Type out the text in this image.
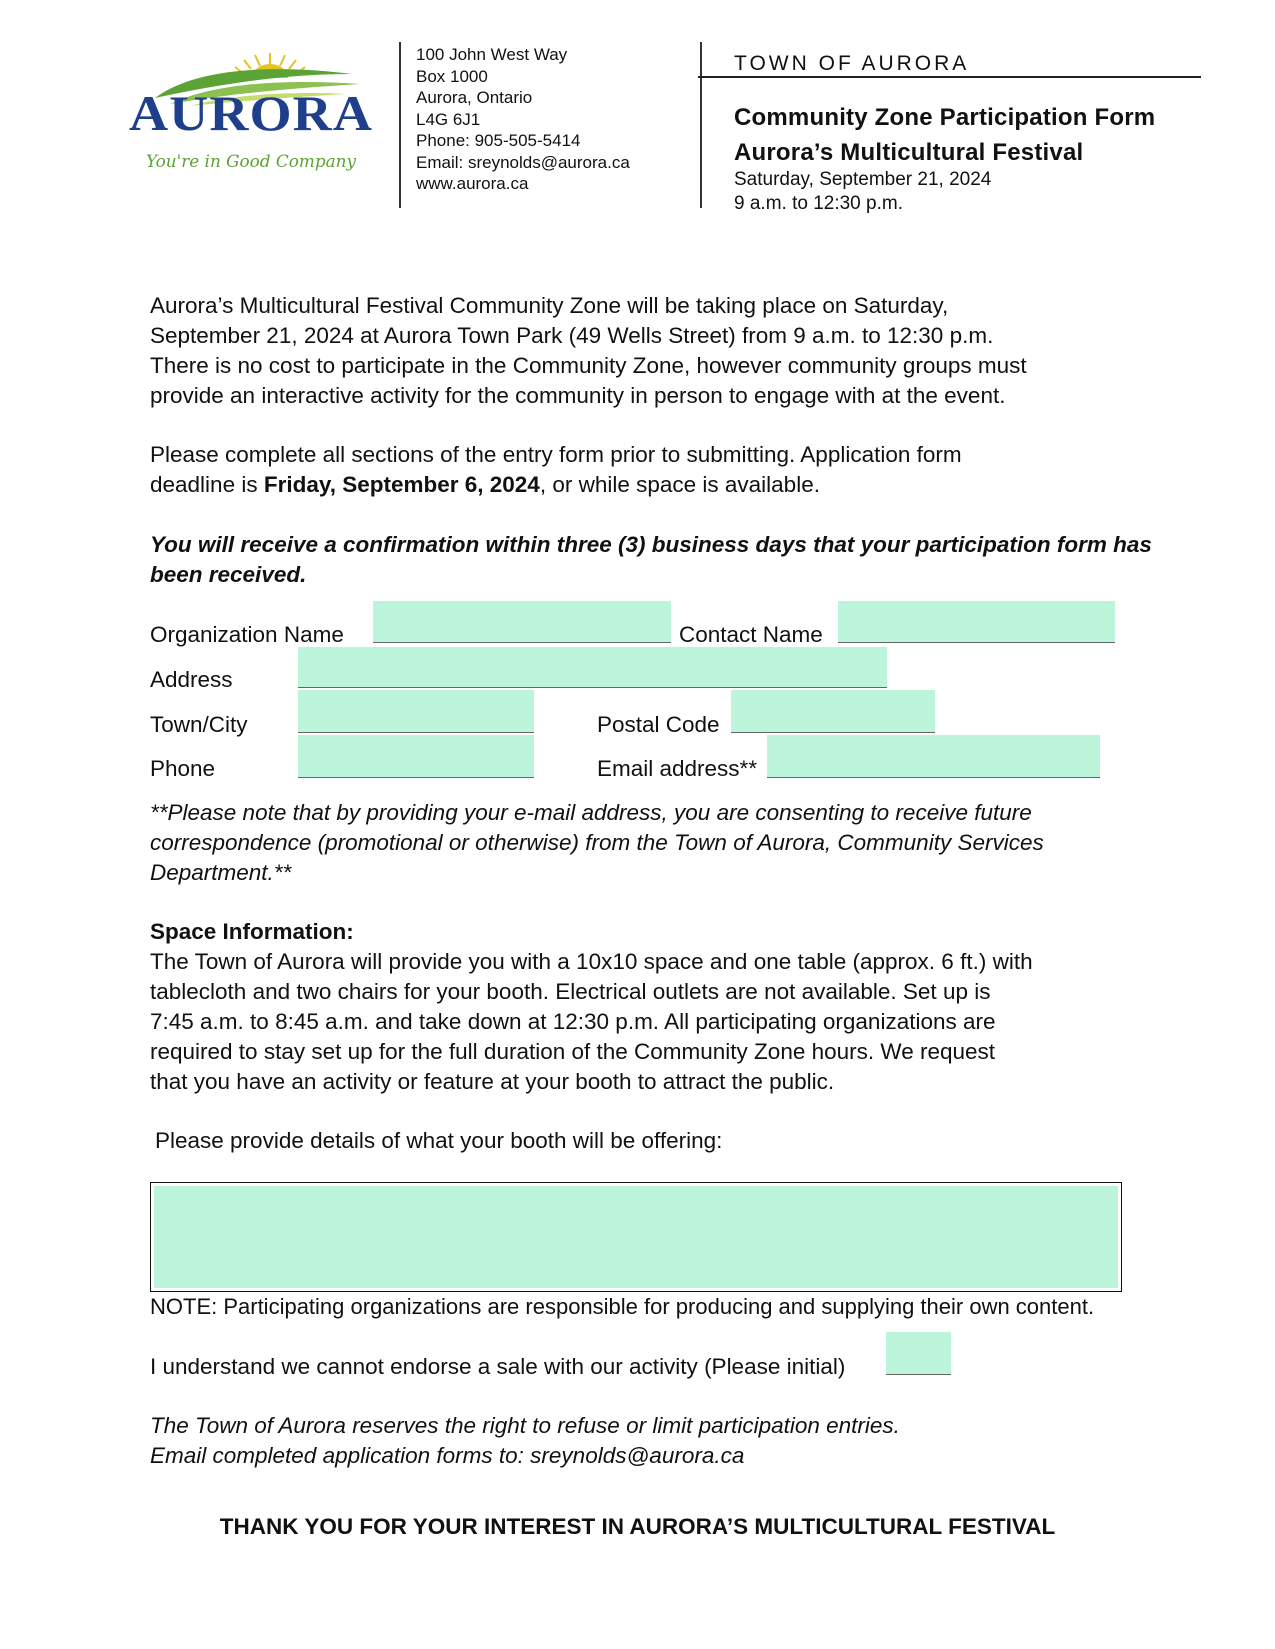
AURORA
You're in Good Company
100 John West Way
Box 1000
Aurora, Ontario
L4G 6J1
Phone: 905-505-5414
Email: sreynolds@aurora.ca
www.aurora.ca
TOWN OF AURORA
Community Zone Participation Form
Aurora’s Multicultural Festival
Saturday, September 21, 2024
9 a.m. to 12:30 p.m.
Aurora’s Multicultural Festival Community Zone will be taking place on Saturday,
September 21, 2024 at Aurora Town Park (49 Wells Street) from 9 a.m. to 12:30 p.m.
There is no cost to participate in the Community Zone, however community groups must
provide an interactive activity for the community in person to engage with at the event.
Please complete all sections of the entry form prior to submitting. Application form
deadline is Friday, September 6, 2024, or while space is available.
You will receive a confirmation within three (3) business days that your participation form has
been received.
Organization Name	Contact Name
Address
Town/City	Postal Code
Phone	Email address**
**Please note that by providing your e-mail address, you are consenting to receive future
correspondence (promotional or otherwise) from the Town of Aurora, Community Services
Department.**
Space Information:
The Town of Aurora will provide you with a 10x10 space and one table (approx. 6 ft.) with
tablecloth and two chairs for your booth. Electrical outlets are not available. Set up is
7:45 a.m. to 8:45 a.m. and take down at 12:30 p.m. All participating organizations are
required to stay set up for the full duration of the Community Zone hours. We request
that you have an activity or feature at your booth to attract the public.
Please provide details of what your booth will be offering:
NOTE: Participating organizations are responsible for producing and supplying their own content.
I understand we cannot endorse a sale with our activity (Please initial)
The Town of Aurora reserves the right to refuse or limit participation entries.
Email completed application forms to: sreynolds@aurora.ca
THANK YOU FOR YOUR INTEREST IN AURORA’S MULTICULTURAL FESTIVAL
